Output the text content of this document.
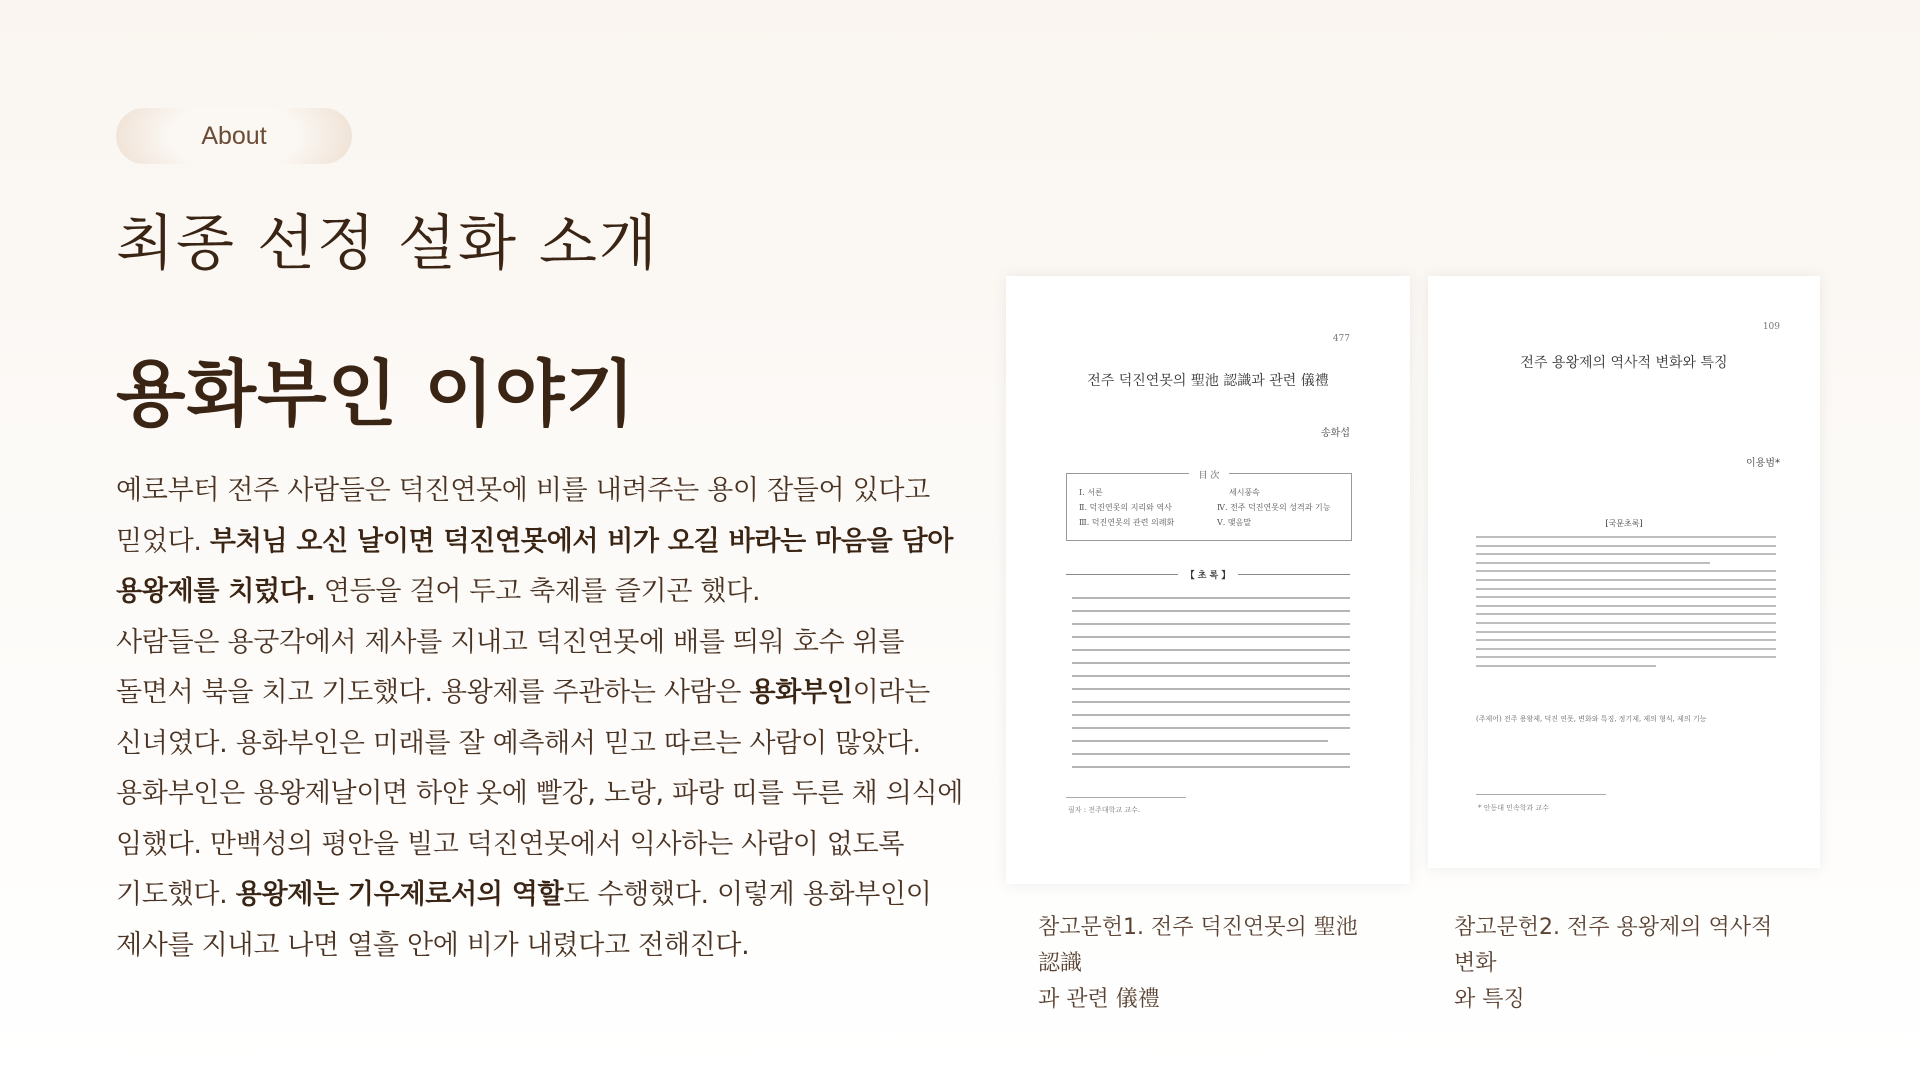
About
최종 선정 설화 소개
용화부인 이야기
예로부터 전주 사람들은 덕진연못에 비를 내려주는 용이 잠들어 있다고
믿었다. 부처님 오신 날이면 덕진연못에서 비가 오길 바라는 마음을 담아
용왕제를 치렀다. 연등을 걸어 두고 축제를 즐기곤 했다.
사람들은 용궁각에서 제사를 지내고 덕진연못에 배를 띄워 호수 위를
돌면서 북을 치고 기도했다. 용왕제를 주관하는 사람은 용화부인이라는
신녀였다. 용화부인은 미래를 잘 예측해서 믿고 따르는 사람이 많았다.
용화부인은 용왕제날이면 하얀 옷에 빨강, 노랑, 파랑 띠를 두른 채 의식에
임했다. 만백성의 평안을 빌고 덕진연못에서 익사하는 사람이 없도록
기도했다. 용왕제는 기우제로서의 역할도 수행했다. 이렇게 용화부인이
제사를 지내고 나면 열흘 안에 비가 내렸다고 전해진다.
477
전주 덕진연못의 聖池 認識과 관련 儀禮
송화섭
目 次
Ⅰ. 서론
Ⅱ. 덕진연못의 지리와 역사
Ⅲ. 덕진연못의 관련 의례화
세시풍속
Ⅳ. 전주 덕진연못의 성격과 기능
Ⅴ. 맺음말
【 초 록 】
필자 : 전주대학교 교수.
109
전주 용왕제의 역사적 변화와 특징
이용범*
[국문초록]
(주제어) 전주 용왕제, 덕진 연못, 변화와 특징, 정기제, 제의 형식, 제의 기능
* 안동대 민속학과 교수
참고문헌1. 전주 덕진연못의 聖池 認識
과 관련 儀禮
참고문헌2. 전주 용왕제의 역사적 변화
와 특징
